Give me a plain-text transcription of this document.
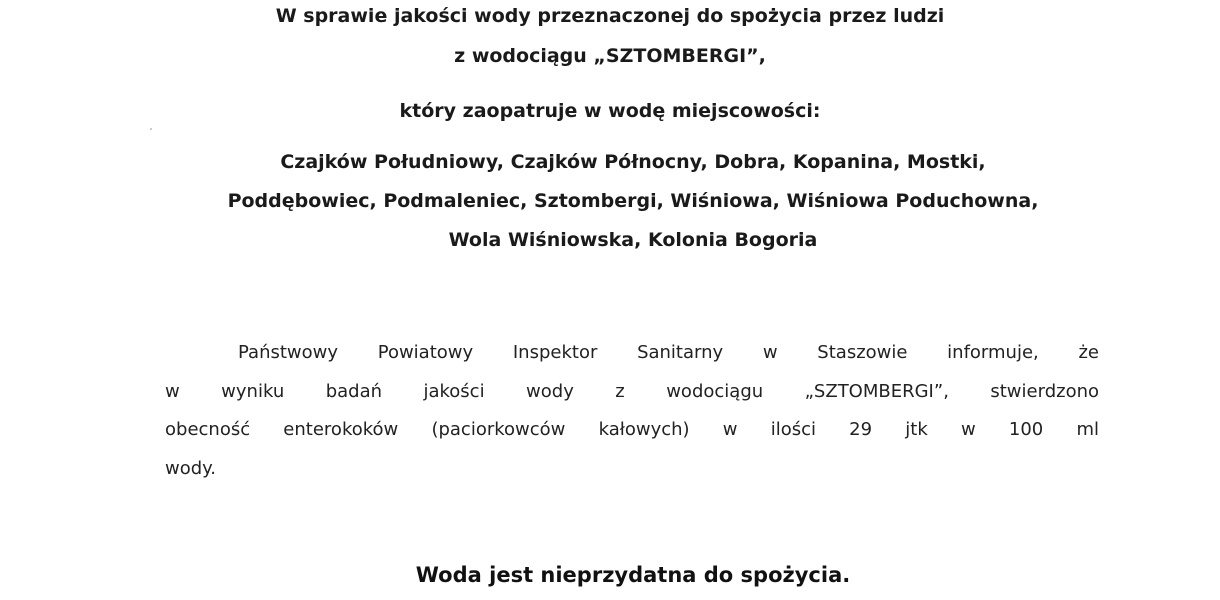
W sprawie jakości wody przeznaczonej do spożycia przez ludzi
z wodociągu „SZTOMBERGI”,
który zaopatruje w wodę miejscowości:
Czajków Południowy, Czajków Północny, Dobra, Kopanina, Mostki,
Poddębowiec, Podmaleniec, Sztombergi, Wiśniowa, Wiśniowa Poduchowna,
Wola Wiśniowska, Kolonia Bogoria
Państwowy Powiatowy Inspektor Sanitarny w Staszowie informuje, że
w wyniku badań jakości wody z wodociągu „SZTOMBERGI”, stwierdzono
obecność enterokoków (paciorkowców kałowych) w ilości 29 jtk w 100 ml
wody.
Woda jest nieprzydatna do spożycia.
